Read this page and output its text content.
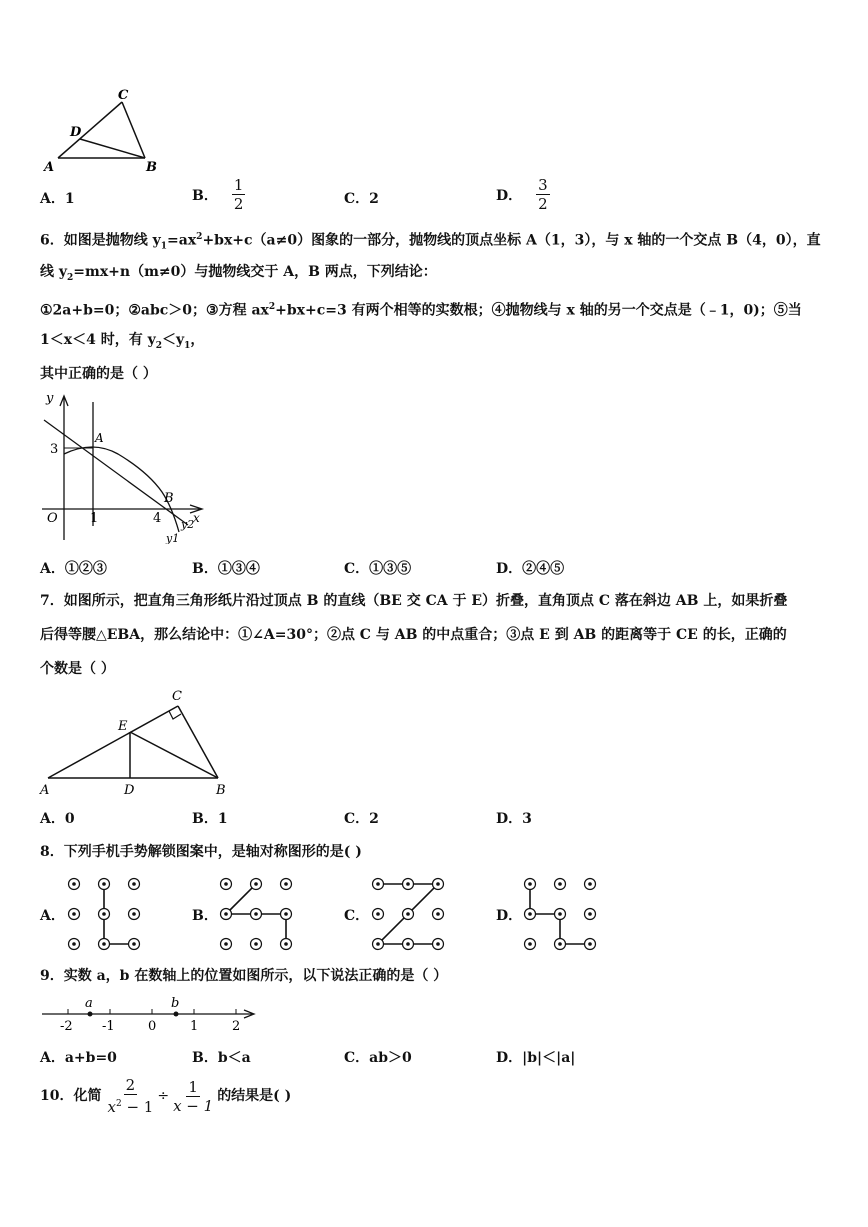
C
D
A	B
A．1	B． $\frac{1}{2}$	C．2	D． $\frac{3}{2}$
6．如图是抛物线 $y_1=ax^2+bx+c(a\ne 0)$图象的一部分，抛物线的顶点坐标 A（1，3），与 x 轴的一个交点 B（4，0），直
线 $y_2=mx+n(m\ne 0)$与抛物线交于 A，B 两点，下列结论：
①2a+b=0；②abc＞0；③方程 $ax^2+bx+c=3$ 有两个相等的实数根；④抛物线与 x 轴的另一个交点是（﹣1，0)；⑤当
1＜x＜4 时，有 $y_2<y_1$，
其中正确的是（ ）
y
x
3
A
B
O 1	4 y2
y1
A．①②③	B．①③④	C．①③⑤	D．②④⑤
7．如图所示，把直角三角形纸片沿过顶点 B 的直线（BE 交 CA 于 E）折叠，直角顶点 C 落在斜边 AB 上，如果折叠
后得等腰△EBA，那么结论中：①∠A=30°；②点 C 与 AB 的中点重合；③点 E 到 AB 的距离等于 CE 的长，正确的
个数是（ ）
C
E
A	D	B
A．0	B．1	C．2	D．3
8．下列手机手势解锁图案中，是轴对称图形的是( )
A．	B．	C．	D．
9．实数 a，b 在数轴上的位置如图所示，以下说法正确的是（ ）
a	b
-2 -1	0	1	2
A．a+b=0	B．b＜a	C．ab＞0	D．|b|＜|a|
10．化简 $\frac{2}{x^2 - 1} \div \frac{1}{x - 1}$ 的结果是( )
